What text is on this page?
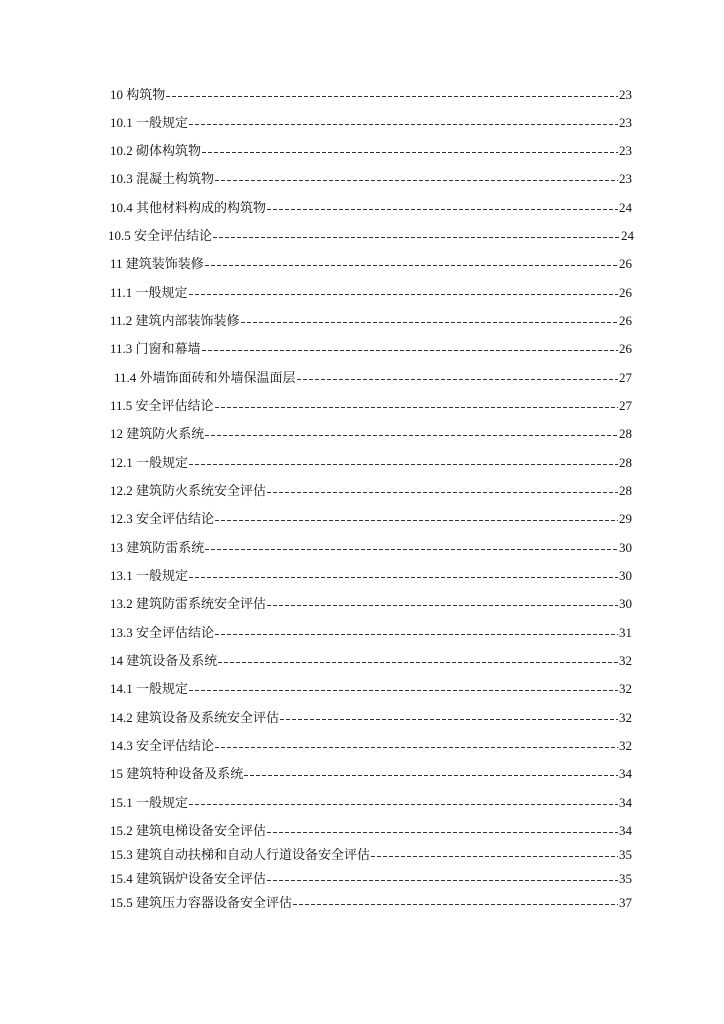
10 构筑物	23
10.1 一般规定	23
10.2 砌体构筑物	23
10.3 混凝土构筑物	23
10.4 其他材料构成的构筑物	24
10.5 安全评估结论	24
11 建筑装饰装修	26
11.1 一般规定	26
11.2 建筑内部装饰装修	26
11.3 门窗和幕墙	26
11.4 外墙饰面砖和外墙保温面层	27
11.5 安全评估结论	27
12 建筑防火系统	28
12.1 一般规定	28
12.2 建筑防火系统安全评估	28
12.3 安全评估结论	29
13 建筑防雷系统	30
13.1 一般规定	30
13.2 建筑防雷系统安全评估	30
13.3 安全评估结论	31
14 建筑设备及系统	32
14.1 一般规定	32
14.2 建筑设备及系统安全评估	32
14.3 安全评估结论	32
15 建筑特种设备及系统	34
15.1 一般规定	34
15.2 建筑电梯设备安全评估	34
15.3 建筑自动扶梯和自动人行道设备安全评估	35
15.4 建筑锅炉设备安全评估	35
15.5 建筑压力容器设备安全评估	37
